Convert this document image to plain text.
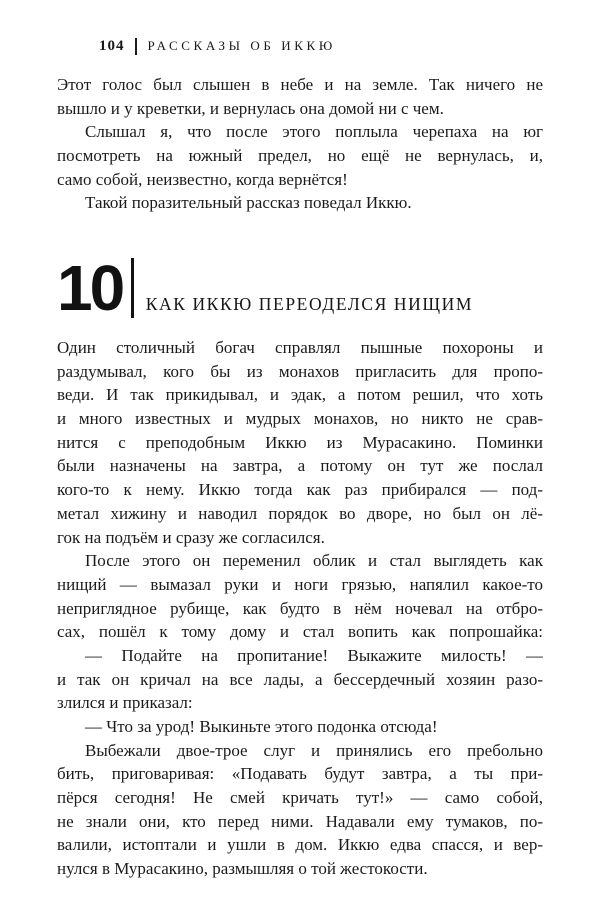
104 РАССКАЗЫ ОБ ИККЮ
Этот голос был слышен в небе и на земле. Так ничего не
вышло и у креветки, и вернулась она домой ни с чем.
Слышал я, что после этого поплыла черепаха на юг
посмотреть на южный предел, но ещё не вернулась, и,
само собой, неизвестно, когда вернётся!
Такой поразительный рассказ поведал Иккю.
10 КАК ИККЮ ПЕРЕОДЕЛСЯ НИЩИМ
Один столичный богач справлял пышные похороны и
раздумывал, кого бы из монахов пригласить для пропо-
веди. И так прикидывал, и эдак, а потом решил, что хоть
и много известных и мудрых монахов, но никто не срав-
нится с преподобным Иккю из Мурасакино. Поминки
были назначены на завтра, а потому он тут же послал
кого-то к нему. Иккю тогда как раз прибирался — под-
метал хижину и наводил порядок во дворе, но был он лё-
гок на подъём и сразу же согласился.
После этого он переменил облик и стал выглядеть как
нищий — вымазал руки и ноги грязью, напялил какое-то
неприглядное рубище, как будто в нём ночевал на отбро-
сах, пошёл к тому дому и стал вопить как попрошайка:
— Подайте на пропитание! Выкажите милость! —
и так он кричал на все лады, а бессердечный хозяин разо-
злился и приказал:
— Что за урод! Выкиньте этого подонка отсюда!
Выбежали двое-трое слуг и принялись его пребольно
бить, приговаривая: «Подавать будут завтра, а ты при-
пёрся сегодня! Не смей кричать тут!» — само собой,
не знали они, кто перед ними. Надавали ему тумаков, по-
валили, истоптали и ушли в дом. Иккю едва спасся, и вер-
нулся в Мурасакино, размышляя о той жестокости.
